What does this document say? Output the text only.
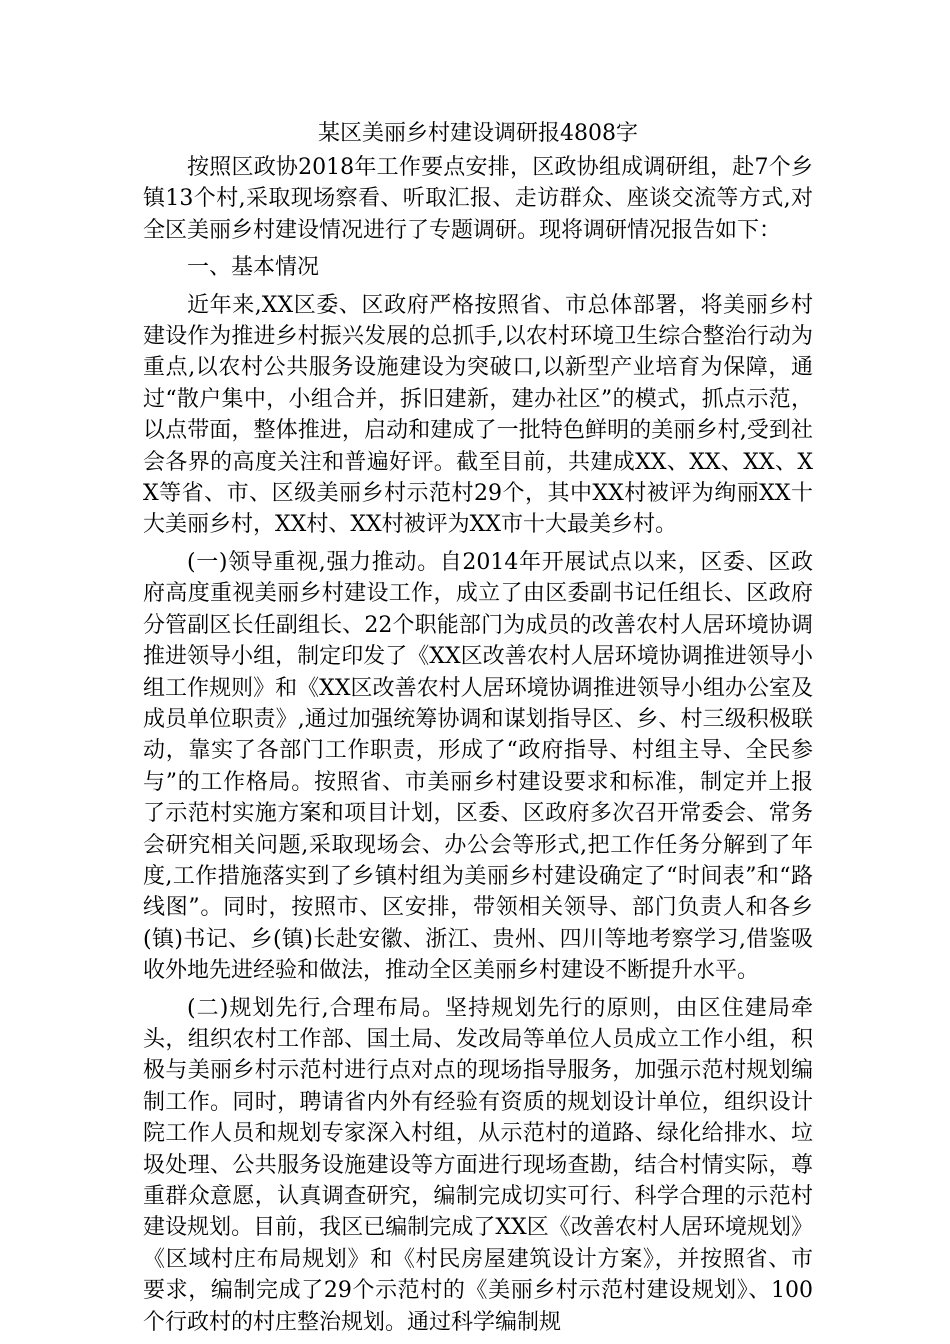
某区美丽乡村建设调研报4808字

按照区政协2018年工作要点安排，区政协组成调研组，赴7个乡镇13个村,采取现场察看、听取汇报、走访群众、座谈交流等方式,对全区美丽乡村建设情况进行了专题调研。现将调研情况报告如下：

一、基本情况

近年来,XX区委、区政府严格按照省、市总体部署，将美丽乡村建设作为推进乡村振兴发展的总抓手,以农村环境卫生综合整治行动为重点,以农村公共服务设施建设为突破口,以新型产业培育为保障，通过“散户集中，小组合并，拆旧建新，建办社区”的模式，抓点示范，以点带面，整体推进，启动和建成了一批特色鲜明的美丽乡村,受到社会各界的高度关注和普遍好评。截至目前，共建成XX、XX、XX、XX等省、市、区级美丽乡村示范村29个，其中XX村被评为绚丽XX十大美丽乡村，XX村、XX村被评为XX市十大最美乡村。

(一)领导重视,强力推动。自2014年开展试点以来，区委、区政府高度重视美丽乡村建设工作，成立了由区委副书记任组长、区政府分管副区长任副组长、22个职能部门为成员的改善农村人居环境协调推进领导小组，制定印发了《XX区改善农村人居环境协调推进领导小组工作规则》和《XX区改善农村人居环境协调推进领导小组办公室及成员单位职责》,通过加强统筹协调和谋划指导区、乡、村三级积极联动，靠实了各部门工作职责，形成了“政府指导、村组主导、全民参与”的工作格局。按照省、市美丽乡村建设要求和标准，制定并上报了示范村实施方案和项目计划，区委、区政府多次召开常委会、常务会研究相关问题,采取现场会、办公会等形式,把工作任务分解到了年度,工作措施落实到了乡镇村组为美丽乡村建设确定了“时间表”和“路线图”。同时，按照市、区安排，带领相关领导、部门负责人和各乡(镇)书记、乡(镇)长赴安徽、浙江、贵州、四川等地考察学习,借鉴吸收外地先进经验和做法，推动全区美丽乡村建设不断提升水平。

(二)规划先行,合理布局。坚持规划先行的原则，由区住建局牵头，组织农村工作部、国土局、发改局等单位人员成立工作小组，积极与美丽乡村示范村进行点对点的现场指导服务，加强示范村规划编制工作。同时，聘请省内外有经验有资质的规划设计单位，组织设计院工作人员和规划专家深入村组，从示范村的道路、绿化给排水、垃圾处理、公共服务设施建设等方面进行现场查勘，结合村情实际，尊重群众意愿，认真调查研究，编制完成切实可行、科学合理的示范村建设规划。目前，我区已编制完成了XX区《改善农村人居环境规划》《区域村庄布局规划》和《村民房屋建筑设计方案》，并按照省、市要求，编制完成了29个示范村的《美丽乡村示范村建设规划》、100个行政村的村庄整治规划。通过科学编制规
